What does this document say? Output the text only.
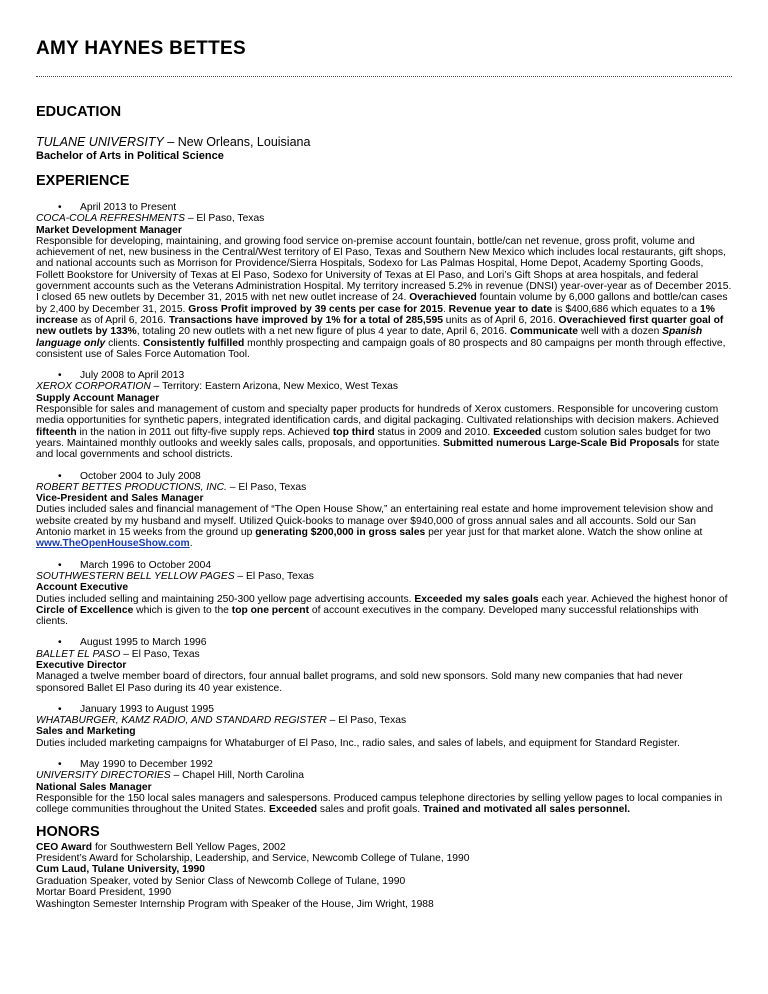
AMY HAYNES BETTES
EDUCATION
TULANE UNIVERSITY – New Orleans, Louisiana
Bachelor of Arts in Political Science
EXPERIENCE
• April 2013 to Present
COCA-COLA REFRESHMENTS – El Paso, Texas
Market Development Manager
Responsible for developing, maintaining, and growing food service on-premise account fountain, bottle/can net revenue, gross profit, volume and achievement of net, new business in the Central/West territory of El Paso, Texas and Southern New Mexico which includes local restaurants, gift shops, and national accounts such as Morrison for Providence/Sierra Hospitals, Sodexo for Las Palmas Hospital, Home Depot, Academy Sporting Goods, Follett Bookstore for University of Texas at El Paso, Sodexo for University of Texas at El Paso, and Lori’s Gift Shops at area hospitals, and federal government accounts such as the Veterans Administration Hospital. My territory increased 5.2% in revenue (DNSI) year-over-year as of December 2015. I closed 65 new outlets by December 31, 2015 with net new outlet increase of 24. Overachieved fountain volume by 6,000 gallons and bottle/can cases by 2,400 by December 31, 2015. Gross Profit improved by 39 cents per case for 2015. Revenue year to date is $400,686 which equates to a 1% increase as of April 6, 2016. Transactions have improved by 1% for a total of 285,595 units as of April 6, 2016. Overachieved first quarter goal of new outlets by 133%, totaling 20 new outlets with a net new figure of plus 4 year to date, April 6, 2016. Communicate well with a dozen Spanish language only clients. Consistently fulfilled monthly prospecting and campaign goals of 80 prospects and 80 campaigns per month through effective, consistent use of Sales Force Automation Tool.
• July 2008 to April 2013
XEROX CORPORATION – Territory: Eastern Arizona, New Mexico, West Texas
Supply Account Manager
Responsible for sales and management of custom and specialty paper products for hundreds of Xerox customers. Responsible for uncovering custom media opportunities for synthetic papers, integrated identification cards, and digital packaging. Cultivated relationships with decision makers. Achieved fifteenth in the nation in 2011 out fifty-five supply reps. Achieved top third status in 2009 and 2010. Exceeded custom solution sales budget for two years. Maintained monthly outlooks and weekly sales calls, proposals, and opportunities. Submitted numerous Large-Scale Bid Proposals for state and local governments and school districts.
• October 2004 to July 2008
ROBERT BETTES PRODUCTIONS, INC. – El Paso, Texas
Vice-President and Sales Manager
Duties included sales and financial management of “The Open House Show,” an entertaining real estate and home improvement television show and website created by my husband and myself. Utilized Quick-books to manage over $940,000 of gross annual sales and all accounts. Sold our San Antonio market in 15 weeks from the ground up generating $200,000 in gross sales per year just for that market alone. Watch the show online at www.TheOpenHouseShow.com.
• March 1996 to October 2004
SOUTHWESTERN BELL YELLOW PAGES – El Paso, Texas
Account Executive
Duties included selling and maintaining 250-300 yellow page advertising accounts. Exceeded my sales goals each year. Achieved the highest honor of Circle of Excellence which is given to the top one percent of account executives in the company. Developed many successful relationships with clients.
• August 1995 to March 1996
BALLET EL PASO – El Paso, Texas
Executive Director
Managed a twelve member board of directors, four annual ballet programs, and sold new sponsors. Sold many new companies that had never sponsored Ballet El Paso during its 40 year existence.
• January 1993 to August 1995
WHATABURGER, KAMZ RADIO, AND STANDARD REGISTER – El Paso, Texas
Sales and Marketing
Duties included marketing campaigns for Whataburger of El Paso, Inc., radio sales, and sales of labels, and equipment for Standard Register.
• May 1990 to December 1992
UNIVERSITY DIRECTORIES – Chapel Hill, North Carolina
National Sales Manager
Responsible for the 150 local sales managers and salespersons. Produced campus telephone directories by selling yellow pages to local companies in college communities throughout the United States. Exceeded sales and profit goals. Trained and motivated all sales personnel.
HONORS
CEO Award for Southwestern Bell Yellow Pages, 2002
President’s Award for Scholarship, Leadership, and Service, Newcomb College of Tulane, 1990
Cum Laud, Tulane University, 1990
Graduation Speaker, voted by Senior Class of Newcomb College of Tulane, 1990
Mortar Board President, 1990
Washington Semester Internship Program with Speaker of the House, Jim Wright, 1988
